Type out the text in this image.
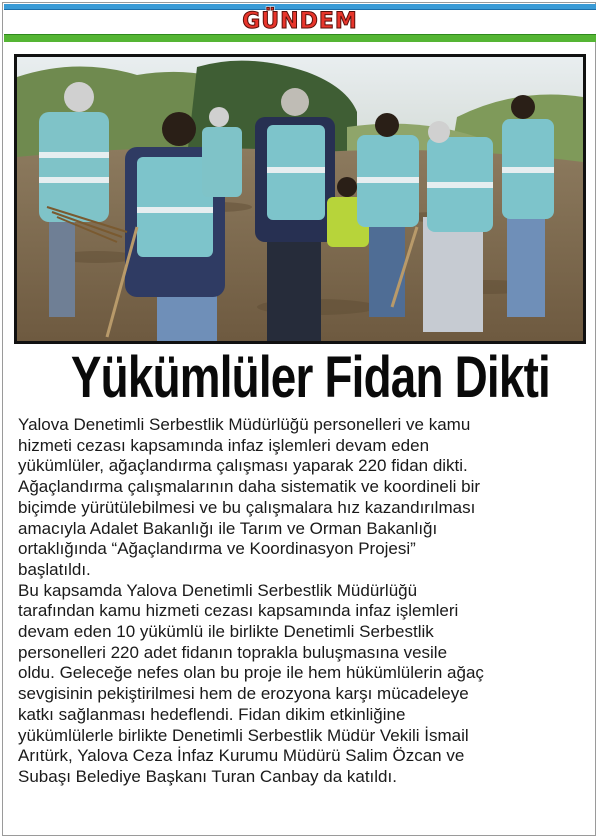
GÜNDEM
Yükümlüler Fidan Dikti
Yalova Denetimli Serbestlik Müdürlüğü personelleri ve kamu
hizmeti cezası kapsamında infaz işlemleri devam eden
yükümlüler, ağaçlandırma çalışması yaparak 220 fidan dikti.
Ağaçlandırma çalışmalarının daha sistematik ve koordineli bir
biçimde yürütülebilmesi ve bu çalışmalara hız kazandırılması
amacıyla Adalet Bakanlığı ile Tarım ve Orman Bakanlığı
ortaklığında “Ağaçlandırma ve Koordinasyon Projesi”
başlatıldı.
Bu kapsamda Yalova Denetimli Serbestlik Müdürlüğü
tarafından kamu hizmeti cezası kapsamında infaz işlemleri
devam eden 10 yükümlü ile birlikte Denetimli Serbestlik
personelleri 220 adet fidanın toprakla buluşmasına vesile
oldu. Geleceğe nefes olan bu proje ile hem hükümlülerin ağaç
sevgisinin pekiştirilmesi hem de erozyona karşı mücadeleye
katkı sağlanması hedeflendi. Fidan dikim etkinliğine
yükümlülerle birlikte Denetimli Serbestlik Müdür Vekili İsmail
Arıtürk, Yalova Ceza İnfaz Kurumu Müdürü Salim Özcan ve
Subaşı Belediye Başkanı Turan Canbay da katıldı.
